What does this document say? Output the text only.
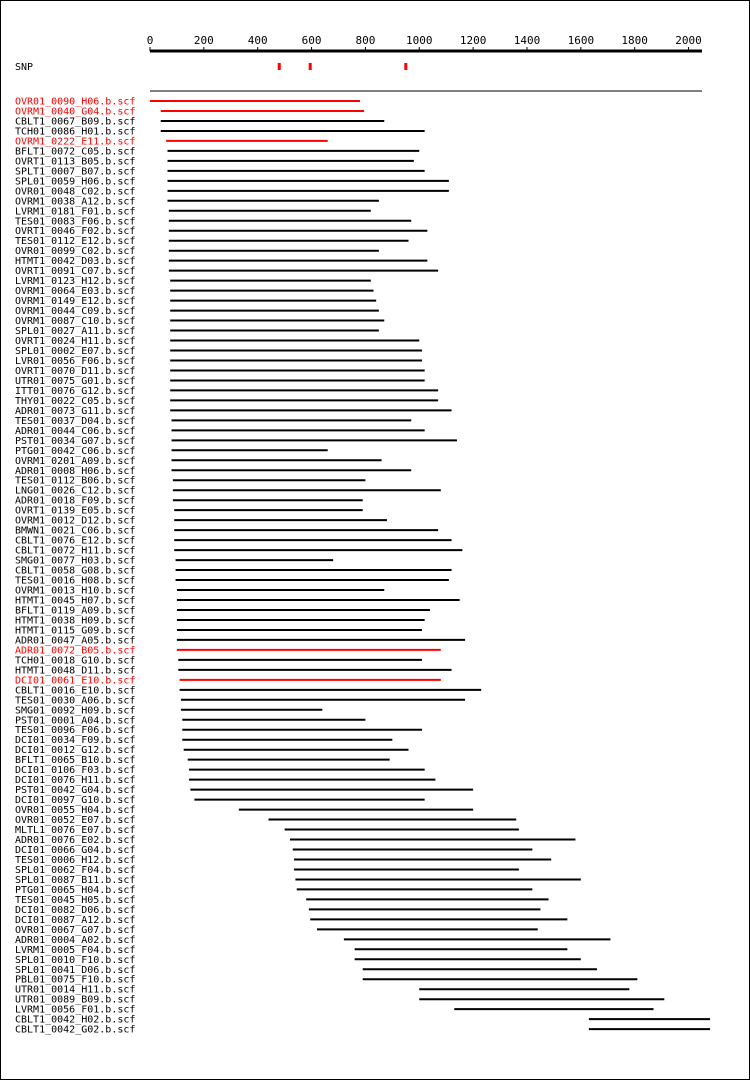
0	200	400	600	800	1000 1200 1400 1600 1800 2000
SNP
OVR01_0090_H06.b.scf
OVRM1_0040_G04.b.scf
CBLT1_0067_B09.b.scf
TCH01_0086_H01.b.scf
OVRM1_0222_E11.b.scf
BFLT1_0072_C05.b.scf
OVRT1_0113_B05.b.scf
SPLT1_0007_B07.b.scf
SPL01_0059_H06.b.scf
OVR01_0048_C02.b.scf
OVRM1_0038_A12.b.scf
LVRM1_0181_F01.b.scf
TES01_0083_F06.b.scf
OVRT1_0046_F02.b.scf
TES01_0112_E12.b.scf
OVR01_0099_C02.b.scf
HTMT1_0042_D03.b.scf
OVRT1_0091_C07.b.scf
LVRM1_0123_H12.b.scf
OVRM1_0064_E03.b.scf
OVRM1_0149_E12.b.scf
OVRM1_0044_C09.b.scf
OVRM1_0087_C10.b.scf
SPL01_0027_A11.b.scf
OVRT1_0024_H11.b.scf
SPL01_0002_E07.b.scf
LVR01_0056_F06.b.scf
OVRT1_0070_D11.b.scf
UTR01_0075_G01.b.scf
ITT01_0076_G12.b.scf
THY01_0022_C05.b.scf
ADR01_0073_G11.b.scf
TES01_0037_D04.b.scf
ADR01_0044_C06.b.scf
PST01_0034_G07.b.scf
PTG01_0042_C06.b.scf
OVRM1_0201_A09.b.scf
ADR01_0008_H06.b.scf
TES01_0112_B06.b.scf
LNG01_0026_C12.b.scf
ADR01_0018_F09.b.scf
OVRT1_0139_E05.b.scf
OVRM1_0012_D12.b.scf
BMWN1_0021_C06.b.scf
CBLT1_0076_E12.b.scf
CBLT1_0072_H11.b.scf
SMG01_0077_H03.b.scf
CBLT1_0058_G08.b.scf
TES01_0016_H08.b.scf
OVRM1_0013_H10.b.scf
HTMT1_0045_H07.b.scf
BFLT1_0119_A09.b.scf
HTMT1_0038_H09.b.scf
HTMT1_0115_G09.b.scf
ADR01_0047_A05.b.scf
ADR01_0072_B05.b.scf
TCH01_0018_G10.b.scf
HTMT1_0048_D11.b.scf
DCI01_0061_E10.b.scf
CBLT1_0016_E10.b.scf
TES01_0030_A06.b.scf
SMG01_0092_H09.b.scf
PST01_0001_A04.b.scf
TES01_0096_F06.b.scf
DCI01_0034_F09.b.scf
DCI01_0012_G12.b.scf
BFLT1_0065_B10.b.scf
DCI01_0106_F03.b.scf
DCI01_0076_H11.b.scf
PST01_0042_G04.b.scf
DCI01_0097_G10.b.scf
OVR01_0055_H04.b.scf
OVR01_0052_E07.b.scf
MLTL1_0076_E07.b.scf
ADR01_0076_E02.b.scf
DCI01_0066_G04.b.scf
TES01_0006_H12.b.scf
SPL01_0062_F04.b.scf
SPL01_0087_B11.b.scf
PTG01_0065_H04.b.scf
TES01_0045_H05.b.scf
DCI01_0082_D06.b.scf
DCI01_0087_A12.b.scf
OVR01_0067_G07.b.scf
ADR01_0004_A02.b.scf
LVRM1_0005_F04.b.scf
SPL01_0010_F10.b.scf
SPL01_0041_D06.b.scf
PBL01_0075_F10.b.scf
UTR01_0014_H11.b.scf
UTR01_0089_B09.b.scf
LVRM1_0056_F01.b.scf
CBLT1_0042_H02.b.scf
CBLT1_0042_G02.b.scf
